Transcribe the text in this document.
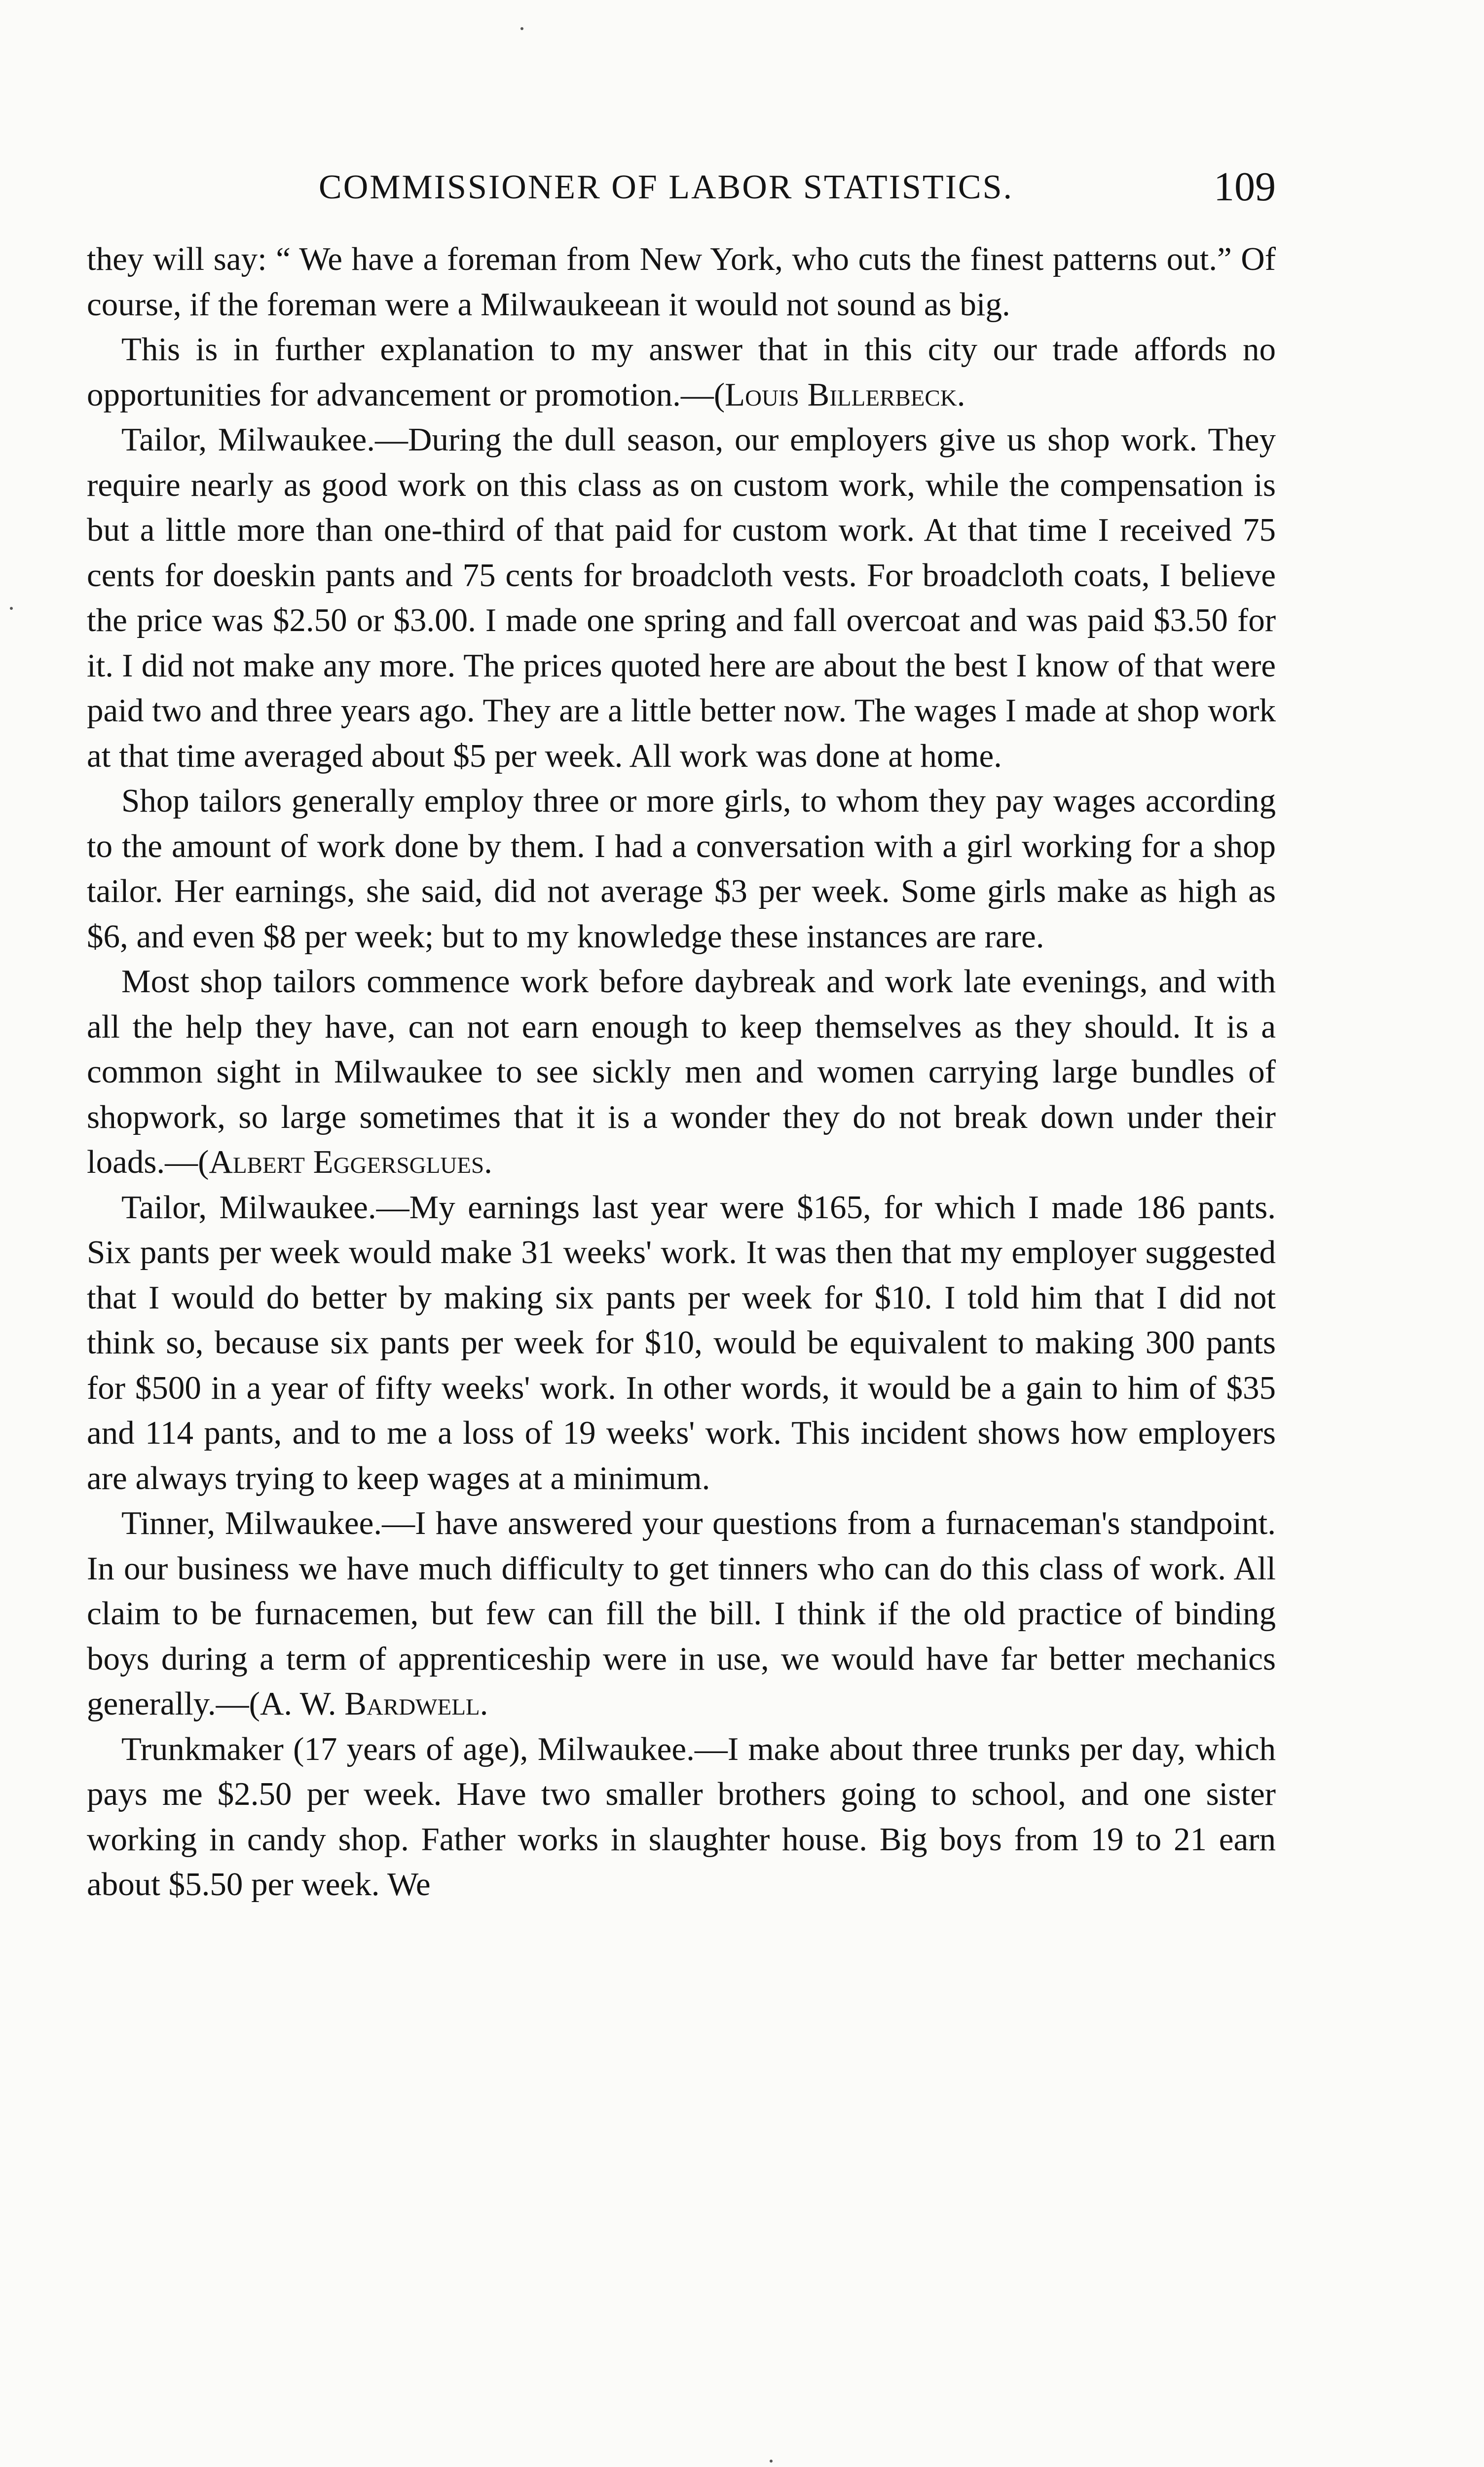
COMMISSIONER OF LABOR STATISTICS.	109

they will say: “ We have a foreman from New York, who cuts the finest patterns out.” Of course, if the foreman were a Milwaukeean it would not sound as big.

This is in further explanation to my answer that in this city our trade affords no opportunities for advancement or promotion.—(Louis Billerbeck.

Tailor, Milwaukee.—During the dull season, our employers give us shop work. They require nearly as good work on this class as on custom work, while the compensation is but a little more than one-third of that paid for custom work. At that time I received 75 cents for doeskin pants and 75 cents for broadcloth vests. For broadcloth coats, I believe the price was $2.50 or $3.00. I made one spring and fall overcoat and was paid $3.50 for it. I did not make any more. The prices quoted here are about the best I know of that were paid two and three years ago. They are a little better now. The wages I made at shop work at that time averaged about $5 per week. All work was done at home.

Shop tailors generally employ three or more girls, to whom they pay wages according to the amount of work done by them. I had a conversation with a girl working for a shop tailor. Her earnings, she said, did not average $3 per week. Some girls make as high as $6, and even $8 per week; but to my knowledge these instances are rare.

Most shop tailors commence work before daybreak and work late evenings, and with all the help they have, can not earn enough to keep themselves as they should. It is a common sight in Milwaukee to see sickly men and women carrying large bundles of shopwork, so large sometimes that it is a wonder they do not break down under their loads.—(Albert Eggersglues.

Tailor, Milwaukee.—My earnings last year were $165, for which I made 186 pants. Six pants per week would make 31 weeks' work. It was then that my employer suggested that I would do better by making six pants per week for $10. I told him that I did not think so, because six pants per week for $10, would be equivalent to making 300 pants for $500 in a year of fifty weeks' work. In other words, it would be a gain to him of $35 and 114 pants, and to me a loss of 19 weeks' work. This incident shows how employers are always trying to keep wages at a minimum.

Tinner, Milwaukee.—I have answered your questions from a furnaceman's standpoint. In our business we have much difficulty to get tinners who can do this class of work. All claim to be furnacemen, but few can fill the bill. I think if the old practice of binding boys during a term of apprenticeship were in use, we would have far better mechanics generally.—(A. W. Bardwell.

Trunkmaker (17 years of age), Milwaukee.—I make about three trunks per day, which pays me $2.50 per week. Have two smaller brothers going to school, and one sister working in candy shop. Father works in slaughter house. Big boys from 19 to 21 earn about $5.50 per week. We
